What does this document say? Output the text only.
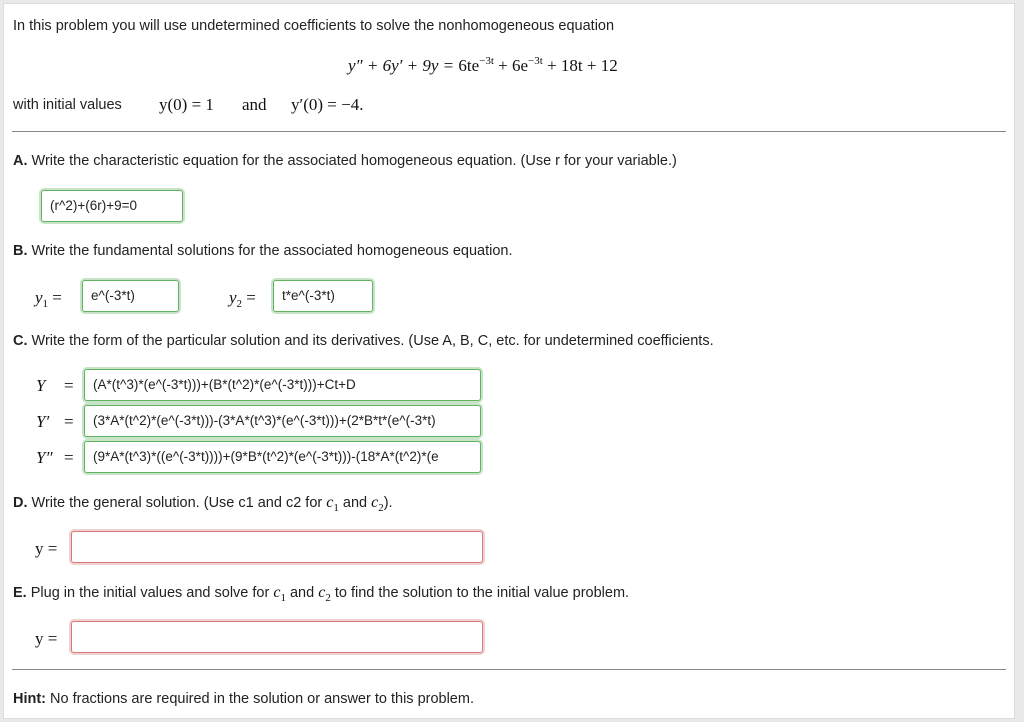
In this problem you will use undetermined coefficients to solve the nonhomogeneous equation
$y'' + 6y' + 9y = 6te^{-3t} + 6e^{-3t} + 18t + 12$
with initial values y(0) = 1 and y′(0) = −4.
A. Write the characteristic equation for the associated homogeneous equation. (Use r for your variable.)
(r^2)+(6r)+9=0
B. Write the fundamental solutions for the associated homogeneous equation.
$y_1$ =	e^(-3*t)	$y_2$ =	t*e^(-3*t)
C. Write the form of the particular solution and its derivatives. (Use A, B, C, etc. for undetermined coefficients.
Y =	(A*(t^3)*(e^(-3*t)))+(B*(t^2)*(e^(-3*t)))+Ct+D
Y′ =	(3*A*(t^2)*(e^(-3*t)))-(3*A*(t^3)*(e^(-3*t)))+(2*B*t*(e^(-3*t)
Y″ =	(9*A*(t^3)*((e^(-3*t))))+(9*B*(t^2)*(e^(-3*t)))-(18*A*(t^2)*(e
D. Write the general solution. (Use c1 and c2 for $c_1$ and $c_2$).
y =
E. Plug in the initial values and solve for $c_1$ and $c_2$ to find the solution to the initial value problem.
y =
Hint: No fractions are required in the solution or answer to this problem.
